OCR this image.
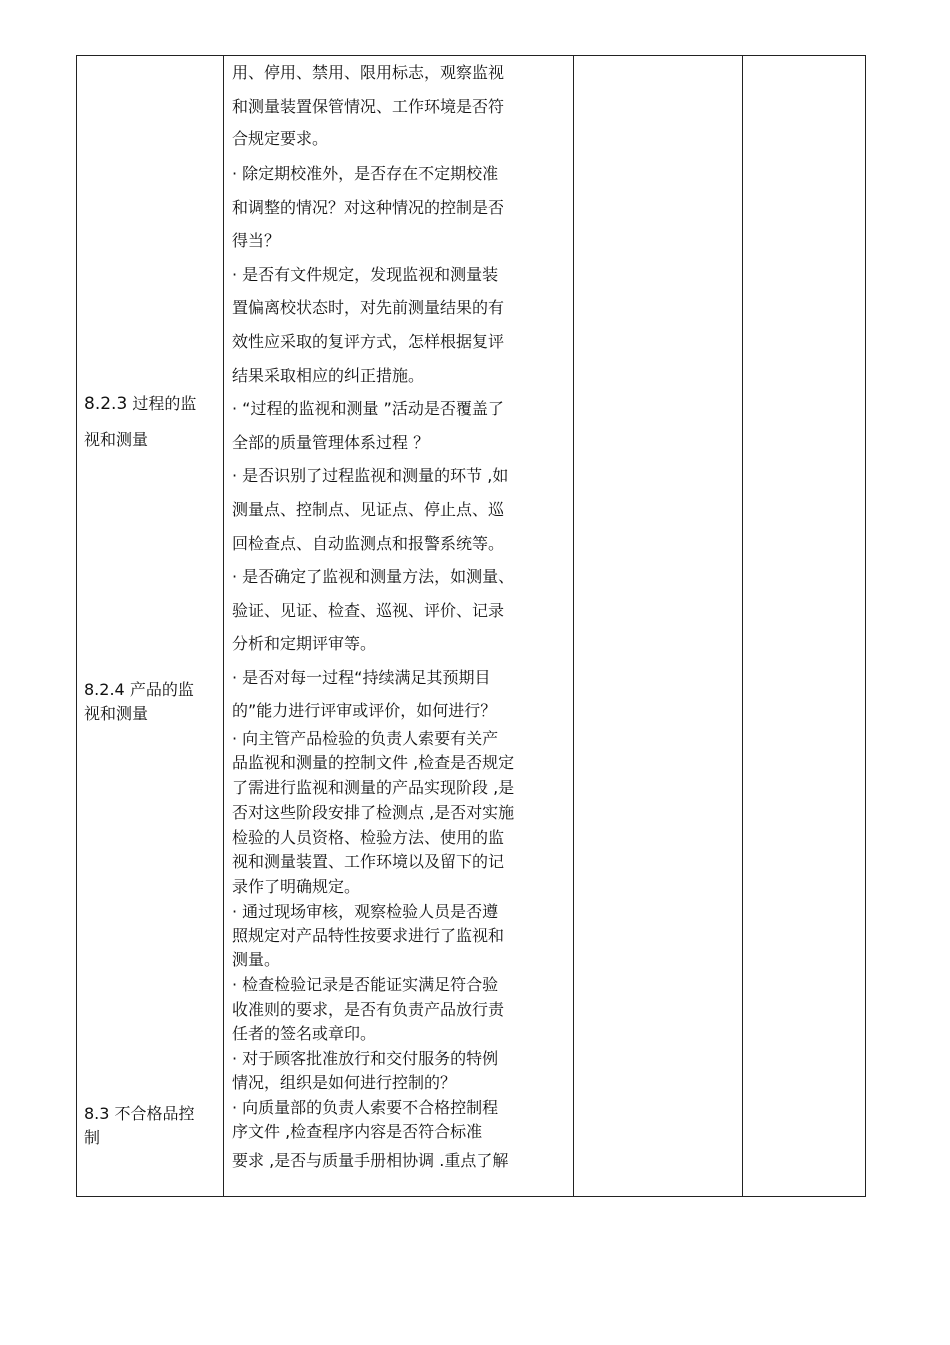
8.2.3 过程的监
视和测量
8.2.4 产品的监
视和测量
8.3 不合格品控
制
用、停用、禁用、限用标志，观察监视
和测量装置保管情况、工作环境是否符
合规定要求。
· 除定期校准外，是否存在不定期校准
和调整的情况？对这种情况的控制是否
得当？
· 是否有文件规定，发现监视和测量装
置偏离校状态时，对先前测量结果的有
效性应采取的复评方式，怎样根据复评
结果采取相应的纠正措施。
· “过程的监视和测量 ”活动是否覆盖了
全部的质量管理体系过程 ？
· 是否识别了过程监视和测量的环节 ,如
测量点、控制点、见证点、停止点、巡
回检查点、自动监测点和报警系统等。
· 是否确定了监视和测量方法，如测量、
验证、见证、检查、巡视、评价、记录
分析和定期评审等。
· 是否对每一过程“持续满足其预期目
的”能力进行评审或评价，如何进行？
· 向主管产品检验的负责人索要有关产
品监视和测量的控制文件 ,检查是否规定
了需进行监视和测量的产品实现阶段 ,是
否对这些阶段安排了检测点 ,是否对实施
检验的人员资格、检验方法、使用的监
视和测量装置、工作环境以及留下的记
录作了明确规定。
· 通过现场审核，观察检验人员是否遵
照规定对产品特性按要求进行了监视和
测量。
· 检查检验记录是否能证实满足符合验
收准则的要求，是否有负责产品放行责
任者的签名或章印。
· 对于顾客批准放行和交付服务的特例
情况，组织是如何进行控制的？
· 向质量部的负责人索要不合格控制程
序文件 ,检查程序内容是否符合标准
要求 ,是否与质量手册相协调 .重点了解
